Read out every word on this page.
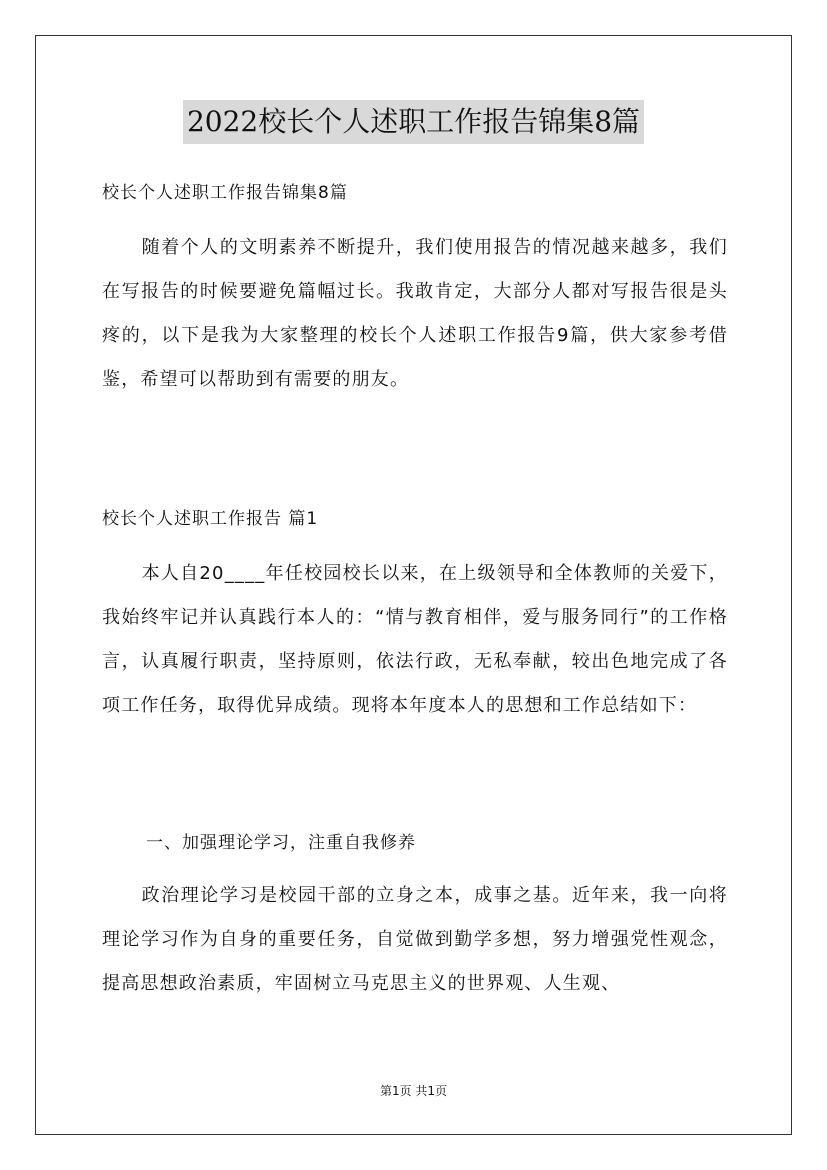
2022校长个人述职工作报告锦集8篇
校长个人述职工作报告锦集8篇

随着个人的文明素养不断提升，我们使用报告的情况越来越多，我们在写报告的时候要避免篇幅过长。我敢肯定，大部分人都对写报告很是头疼的，以下是我为大家整理的校长个人述职工作报告9篇，供大家参考借鉴，希望可以帮助到有需要的朋友。

校长个人述职工作报告 篇1

本人自20____年任校园校长以来，在上级领导和全体教师的关爱下，我始终牢记并认真践行本人的：“情与教育相伴，爱与服务同行”的工作格言，认真履行职责，坚持原则，依法行政，无私奉献，较出色地完成了各项工作任务，取得优异成绩。现将本年度本人的思想和工作总结如下：

一、加强理论学习，注重自我修养

政治理论学习是校园干部的立身之本，成事之基。近年来，我一向将理论学习作为自身的重要任务，自觉做到勤学多想，努力增强党性观念，提高思想政治素质，牢固树立马克思主义的世界观、人生观、

第1页 共1页
